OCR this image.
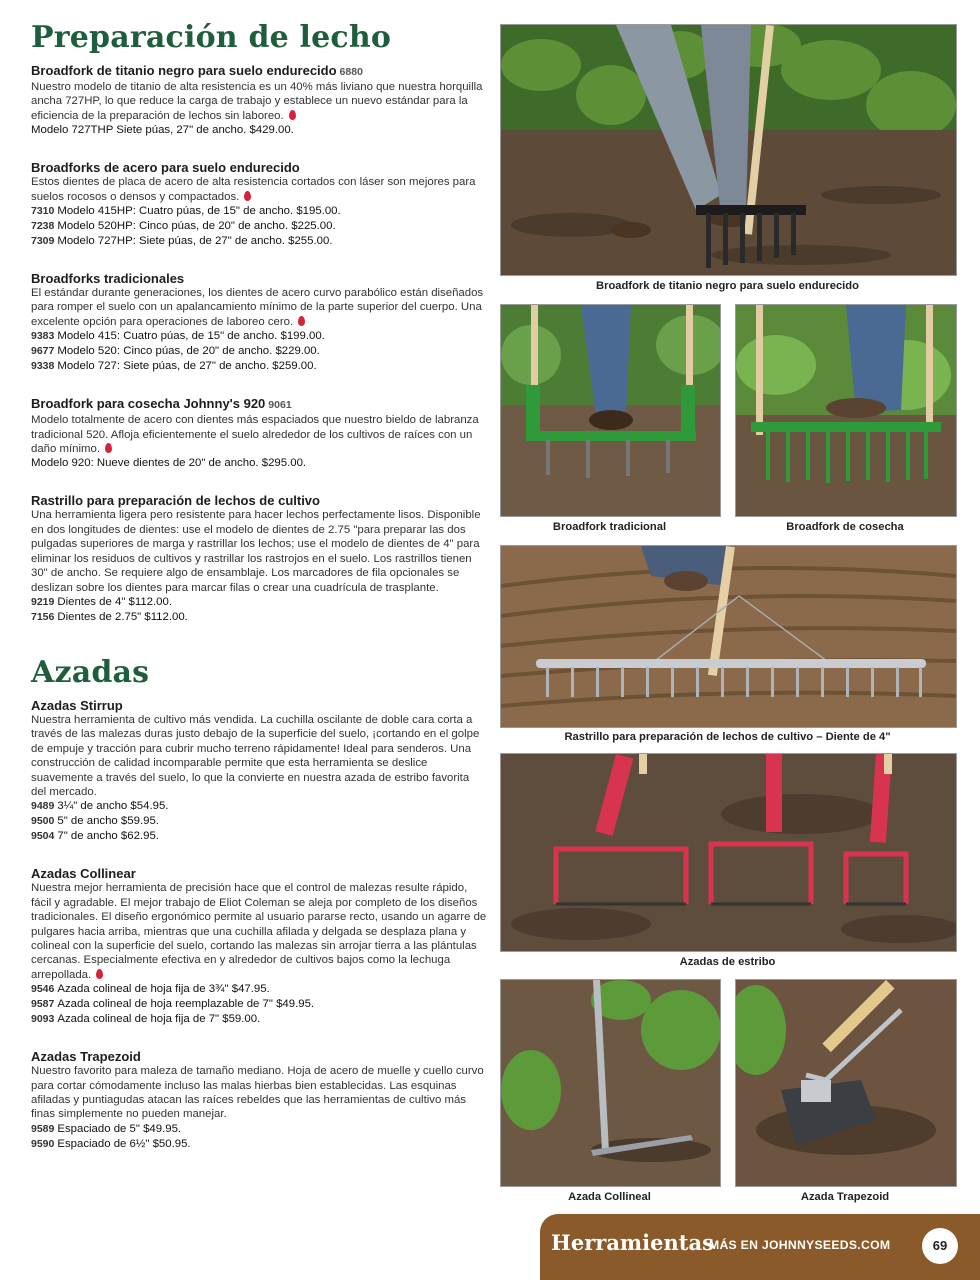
Preparación de lecho
Broadfork de titanio negro para suelo endurecido 6880

Nuestro modelo de titanio de alta resistencia es un 40% más liviano que nuestra horquilla ancha 727HP, lo que reduce la carga de trabajo y establece un nuevo estándar para la eficiencia de la preparación de lechos sin laboreo.

Modelo 727THP Siete púas, 27" de ancho. $429.00.

Broadforks de acero para suelo endurecido

Estos dientes de placa de acero de alta resistencia cortados con láser son mejores para suelos rocosos o densos y compactados.

7310 Modelo 415HP: Cuatro púas, de 15" de ancho. $195.00.

7238 Modelo 520HP: Cinco púas, de 20" de ancho. $225.00.

7309 Modelo 727HP: Siete púas, de 27" de ancho. $255.00.

Broadforks tradicionales

El estándar durante generaciones, los dientes de acero curvo parabólico están diseñados para romper el suelo con un apalancamiento mínimo de la parte superior del cuerpo. Una excelente opción para operaciones de laboreo cero.

9383 Modelo 415: Cuatro púas, de 15" de ancho. $199.00.

9677 Modelo 520: Cinco púas, de 20" de ancho. $229.00.

9338 Modelo 727: Siete púas, de 27" de ancho. $259.00.

Broadfork para cosecha Johnny's 920 9061

Modelo totalmente de acero con dientes más espaciados que nuestro bieldo de labranza tradicional 520. Afloja eficientemente el suelo alrededor de los cultivos de raíces con un daño mínimo.

Modelo 920: Nueve dientes de 20" de ancho. $295.00.

Rastrillo para preparación de lechos de cultivo

Una herramienta ligera pero resistente para hacer lechos perfectamente lisos. Disponible en dos longitudes de dientes: use el modelo de dientes de 2.75 "para preparar las dos pulgadas superiores de marga y rastrillar los lechos; use el modelo de dientes de 4" para eliminar los residuos de cultivos y rastrillar los rastrojos en el suelo. Los rastrillos tienen 30" de ancho. Se requiere algo de ensamblaje. Los marcadores de fila opcionales se deslizan sobre los dientes para marcar filas o crear una cuadrícula de trasplante.

9219 Dientes de 4" $112.00.

7156 Dientes de 2.75" $112.00.

Azadas
Azadas Stirrup

Nuestra herramienta de cultivo más vendida. La cuchilla oscilante de doble cara corta a través de las malezas duras justo debajo de la superficie del suelo, ¡cortando en el golpe de empuje y tracción para cubrir mucho terreno rápidamente! Ideal para senderos. Una construcción de calidad incomparable permite que esta herramienta se deslice suavemente a través del suelo, lo que la convierte en nuestra azada de estribo favorita del mercado.

9489 3¼" de ancho $54.95.

9500 5" de ancho $59.95.

9504 7" de ancho $62.95.

Azadas Collinear

Nuestra mejor herramienta de precisión hace que el control de malezas resulte rápido, fácil y agradable. El mejor trabajo de Eliot Coleman se aleja por completo de los diseños tradicionales. El diseño ergonómico permite al usuario pararse recto, usando un agarre de pulgares hacia arriba, mientras que una cuchilla afilada y delgada se desplaza plana y colineal con la superficie del suelo, cortando las malezas sin arrojar tierra a las plántulas cercanas. Especialmente efectiva en y alrededor de cultivos bajos como la lechuga arrepollada.

9546 Azada colineal de hoja fija de 3¾" $47.95.

9587 Azada colineal de hoja reemplazable de 7" $49.95.

9093 Azada colineal de hoja fija de 7" $59.00.

Azadas Trapezoid

Nuestro favorito para maleza de tamaño mediano. Hoja de acero de muelle y cuello curvo para cortar cómodamente incluso las malas hierbas bien establecidas. Las esquinas afiladas y puntiagudas atacan las raíces rebeldes que las herramientas de cultivo más finas simplemente no pueden manejar.

9589 Espaciado de 5" $49.95.

9590 Espaciado de 6½" $50.95.

Broadfork de titanio negro para suelo endurecido
Broadfork tradicional	Broadfork de cosecha
Rastrillo para preparación de lechos de cultivo – Diente de 4"
Azadas de estribo
Azada Collineal	Azada Trapezoid
Herramientas
MÁS EN JOHNNYSEEDS.COM	69
